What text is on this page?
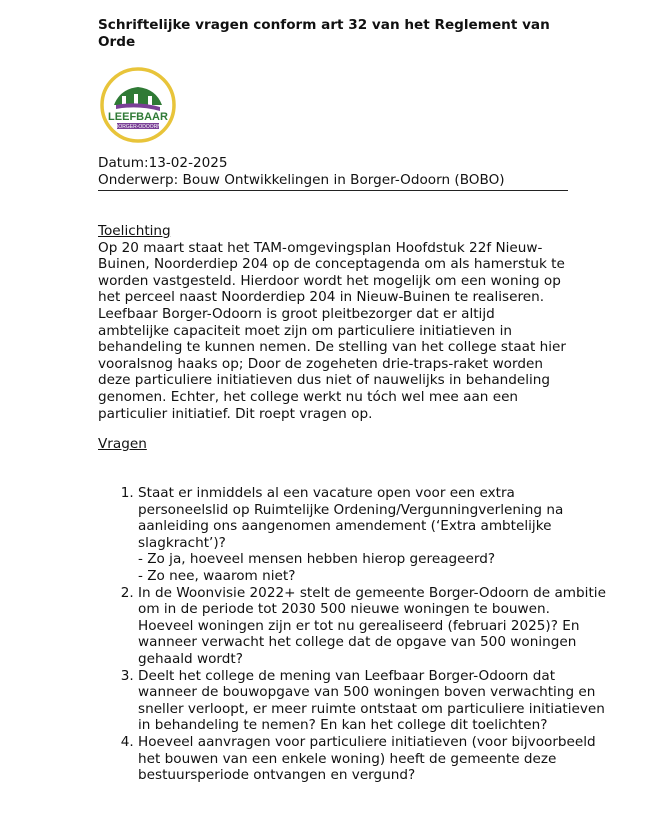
Schriftelijke vragen conform art 32 van het Reglement van Orde
LEEFBAAR
BORGER-ODOORN
Datum:13-02-2025
Onderwerp: Bouw Ontwikkelingen in Borger-Odoorn (BOBO)
Toelichting

Op 20 maart staat het TAM-omgevingsplan Hoofdstuk 22f Nieuw-Buinen, Noorderdiep 204 op de conceptagenda om als hamerstuk te worden vastgesteld. Hierdoor wordt het mogelijk om een woning op het perceel naast Noorderdiep 204 in Nieuw-Buinen te realiseren. Leefbaar Borger-Odoorn is groot pleitbezorger dat er altijd ambtelijke capaciteit moet zijn om particuliere initiatieven in behandeling te kunnen nemen. De stelling van het college staat hier vooralsnog haaks op; Door de zogeheten drie-traps-raket worden deze particuliere initiatieven dus niet of nauwelijks in behandeling genomen. Echter, het college werkt nu tóch wel mee aan een particulier initiatief. Dit roept vragen op.

Vragen
1. Staat er inmiddels al een vacature open voor een extra personeelslid op Ruimtelijke Ordening/Vergunningverlening na aanleiding ons aangenomen amendement (‘Extra ambtelijke slagkracht’)?
- Zo ja, hoeveel mensen hebben hierop gereageerd?
- Zo nee, waarom niet?
2. In de Woonvisie 2022+ stelt de gemeente Borger-Odoorn de ambitie om in de periode tot 2030 500 nieuwe woningen te bouwen. Hoeveel woningen zijn er tot nu gerealiseerd (februari 2025)? En wanneer verwacht het college dat de opgave van 500 woningen gehaald wordt?
3. Deelt het college de mening van Leefbaar Borger-Odoorn dat wanneer de bouwopgave van 500 woningen boven verwachting en sneller verloopt, er meer ruimte ontstaat om particuliere initiatieven in behandeling te nemen? En kan het college dit toelichten?
4. Hoeveel aanvragen voor particuliere initiatieven (voor bijvoorbeeld het bouwen van een enkele woning) heeft de gemeente deze bestuursperiode ontvangen en vergund?
